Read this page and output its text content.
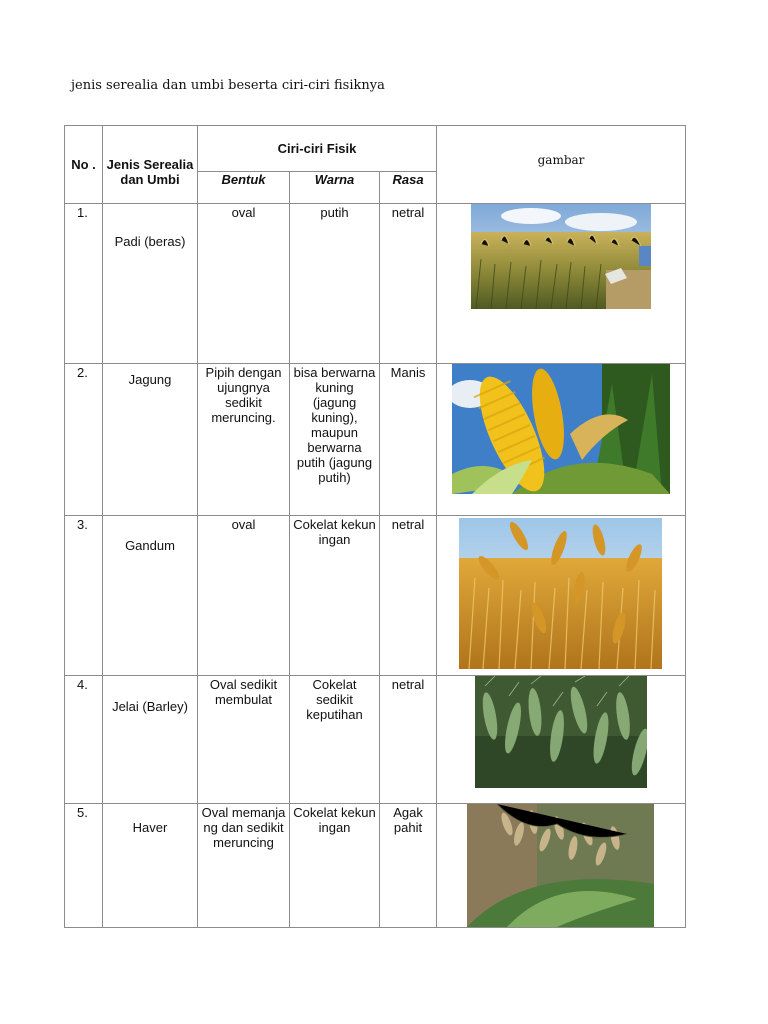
jenis serealia dan umbi beserta ciri-ciri fisiknya
No .	Jenis Serealia dan Umbi	Ciri-ciri Fisik			gambar
		Bentuk	Warna	Rasa	
1.	Padi (beras)	oval	putih	netral	

2.	Jagung	Pipih dengan ujungnya sedikit meruncing.	bisa berwarna kuning (jagung kuning), maupun berwarna putih (jagung putih)	Manis	

3.	Gandum	oval	Cokelat kekuningan	netral	

4.	Jelai (Barley)	Oval sedikit membulat	Cokelat sedikit keputihan	netral	

5.	Haver	Oval memanjang dan sedikit meruncing	Cokelat kekuningan	Agak pahit	
